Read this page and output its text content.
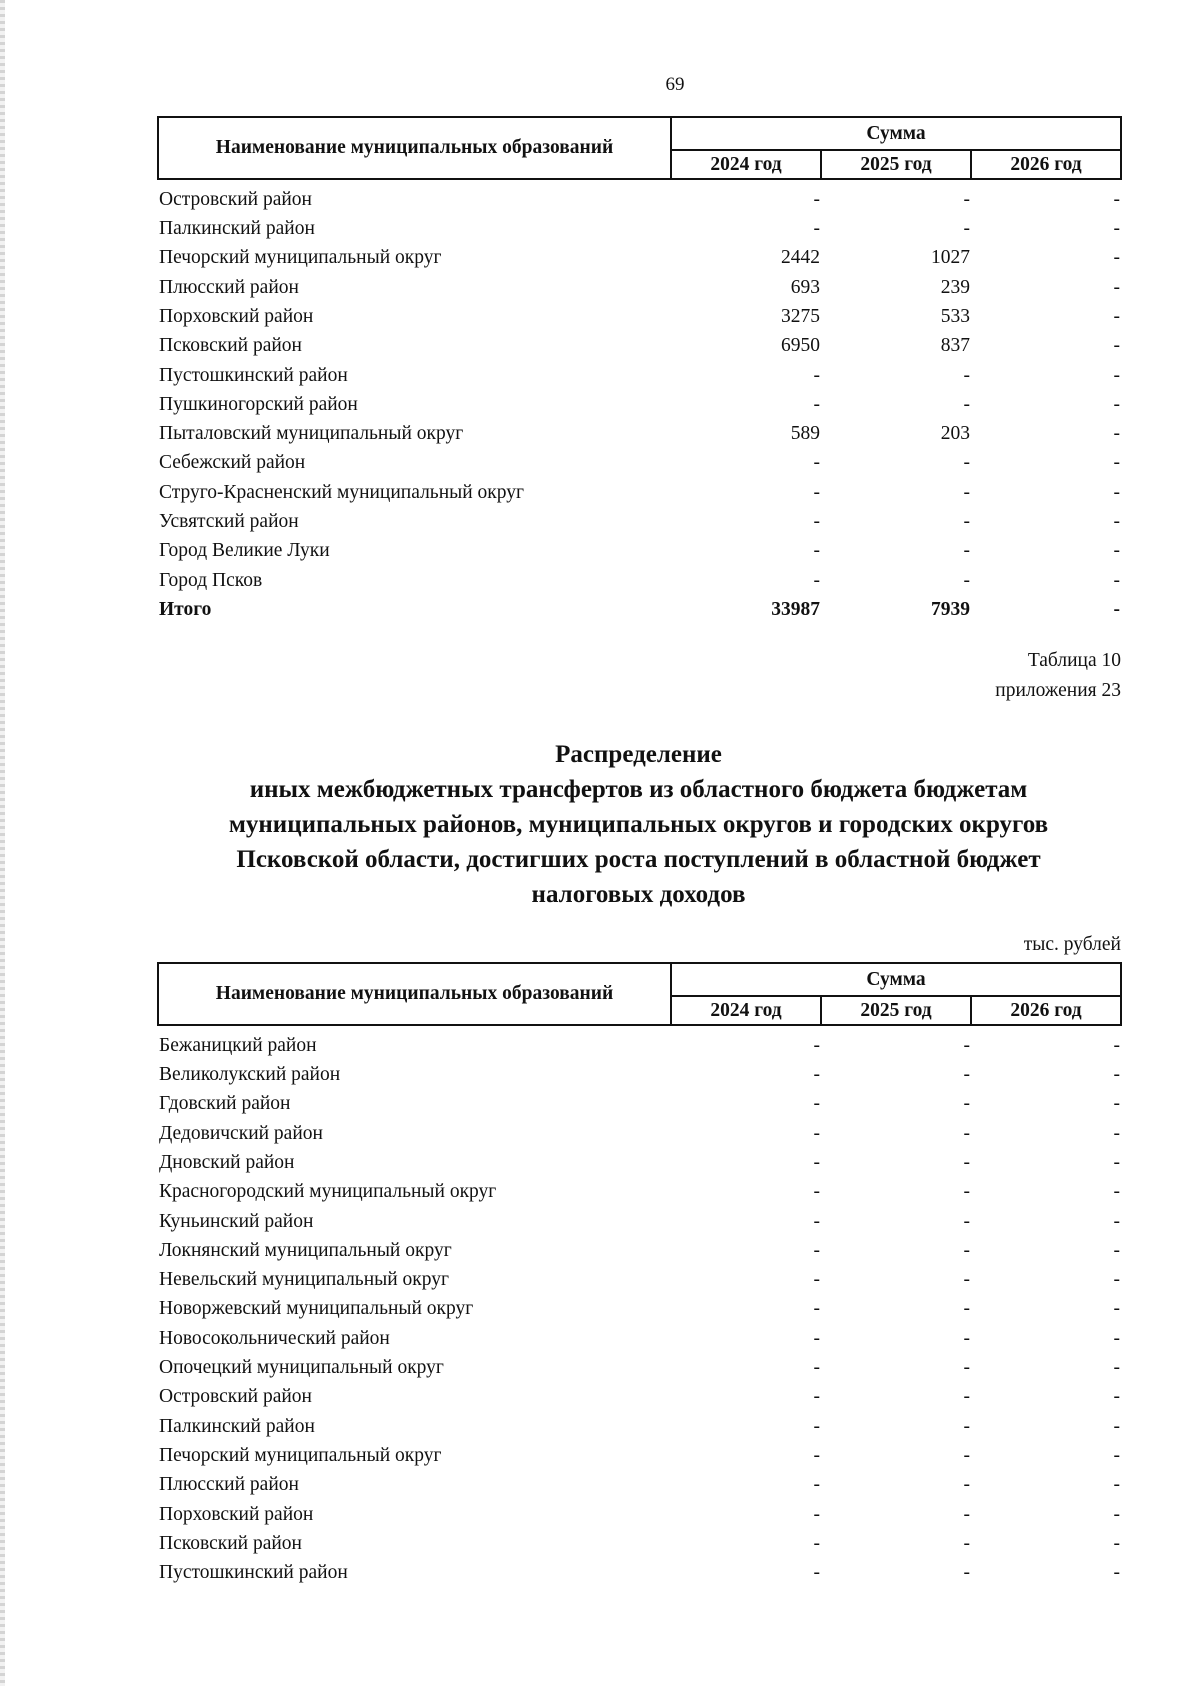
69
Наименование муниципальных образований	Сумма		
	2024 год	2025 год	2026 год
Островский район	-	-	-
Палкинский район	-	-	-
Печорский муниципальный округ	2442	1027	-
Плюсский район	693	239	-
Порховский район	3275	533	-
Псковский район	6950	837	-
Пустошкинский район	-	-	-
Пушкиногорский район	-	-	-
Пыталовский муниципальный округ	589	203	-
Себежский район	-	-	-
Струго-Красненский муниципальный округ	-	-	-
Усвятский район	-	-	-
Город Великие Луки	-	-	-
Город Псков	-	-	-
Итого	33987	7939	-
Таблица 10
приложения 23
Распределение
иных межбюджетных трансфертов из областного бюджета бюджетам
муниципальных районов, муниципальных округов и городских округов
Псковской области, достигших роста поступлений в областной бюджет
налоговых доходов
тыс. рублей
Наименование муниципальных образований	Сумма		
	2024 год	2025 год	2026 год
Бежаницкий район	-	-	-
Великолукский район	-	-	-
Гдовский район	-	-	-
Дедовичский район	-	-	-
Дновский район	-	-	-
Красногородский муниципальный округ	-	-	-
Куньинский район	-	-	-
Локнянский муниципальный округ	-	-	-
Невельский муниципальный округ	-	-	-
Новоржевский муниципальный округ	-	-	-
Новосокольнический район	-	-	-
Опочецкий муниципальный округ	-	-	-
Островский район	-	-	-
Палкинский район	-	-	-
Печорский муниципальный округ	-	-	-
Плюсский район	-	-	-
Порховский район	-	-	-
Псковский район	-	-	-
Пустошкинский район	-	-	-
